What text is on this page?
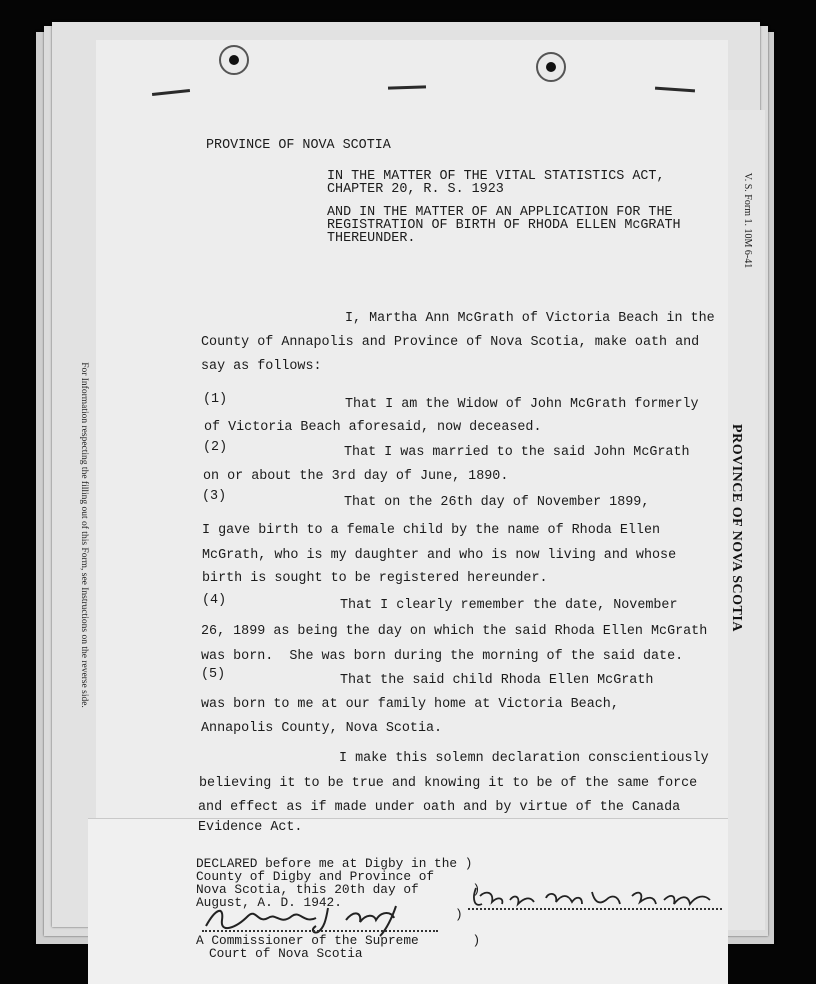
For Information respecting the filling out of this Form, see Instructions on the reverse side.
V. S. Form 1. 10M 6-41
PROVINCE OF NOVA SCOTIA

PROVINCE OF NOVA SCOTIA

IN THE MATTER OF THE VITAL STATISTICS ACT,

CHAPTER 20, R. S. 1923

AND IN THE MATTER OF AN APPLICATION FOR THE

REGISTRATION OF BIRTH OF RHODA ELLEN McGRATH

THEREUNDER.

I, Martha Ann McGrath of Victoria Beach in the

County of Annapolis and Province of Nova Scotia, make oath and

say as follows:

(1)	That I am the Widow of John McGrath formerly

of Victoria Beach aforesaid, now deceased.

(2)	That I was married to the said John McGrath

on or about the 3rd day of June, 1890.

(3)	That on the 26th day of November 1899,

I gave birth to a female child by the name of Rhoda Ellen

McGrath, who is my daughter and who is now living and whose

birth is sought to be registered hereunder.

(4)	That I clearly remember the date, November

26, 1899 as being the day on which the said Rhoda Ellen McGrath

was born.  She was born during the morning of the said date.

(5)	That the said child Rhoda Ellen McGrath

was born to me at our family home at Victoria Beach,

Annapolis County, Nova Scotia.

I make this solemn declaration conscientiously

believing it to be true and knowing it to be of the same force

and effect as if made under oath and by virtue of the Canada

Evidence Act.

DECLARED before me at Digby in the )

County of Digby and Province of

Nova Scotia, this 20th day of       )

August, A. D. 1942.

)

A Commissioner of the Supreme       )

Court of Nova Scotia
